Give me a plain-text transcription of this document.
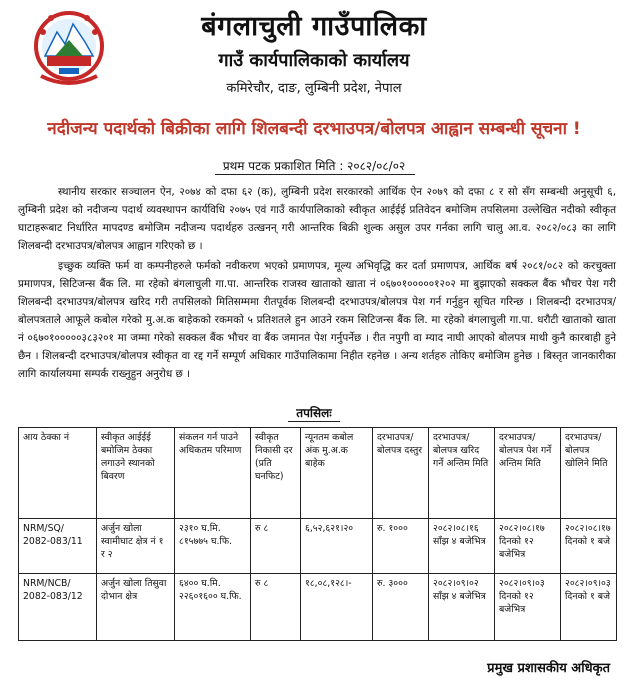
बंगलाचुली गाउँपालिका
गाउँ कार्यपालिकाको कार्यालय
कमिरेचौर, दाङ, लुम्बिनी प्रदेश, नेपाल
नदीजन्य पदार्थको बिक्रीका लागि शिलबन्दी दरभाउपत्र/बोलपत्र आह्वान सम्बन्धी सूचना !
प्रथम पटक प्रकाशित मिति : २०८२/०८/०२
स्थानीय सरकार सञ्चालन ऐन, २०७४ को दफा ६२ (क), लुम्बिनी प्रदेश सरकारको आर्थिक ऐन २०७९ को दफा ८ र सो सँग सम्बन्धी अनुसूची ६, लुम्बिनी प्रदेश को नदीजन्य पदार्थ व्यवस्थापन कार्यविधि २०७५ एवं गाउँ कार्यपालिकाको स्वीकृत आईईई प्रतिवेदन बमोजिम तपसिलमा उल्लेखित नदीको स्वीकृत घाटाहरूबाट निर्धारित मापदण्ड बमोजिम नदीजन्य पदार्थहरु उत्खनन् गरी आन्तरिक बिक्री शुल्क असुल उपर गर्नका लागि चालु आ.व. २०८२/०८३ का लागि शिलबन्दी दरभाउपत्र/बोलपत्र आह्वान गरिएको छ ।
इच्छुक व्यक्ति फर्म वा कम्पनीहरुले फर्मको नवीकरण भएको प्रमाणपत्र, मूल्य अभिवृद्धि कर दर्ता प्रमाणपत्र, आर्थिक बर्ष २०८१/०८२ को करचुक्ता प्रमाणपत्र, सिटिजन्स बैंक लि. मा रहेको बंगलाचुली गा.पा. आन्तरिक राजस्व खाताको खाता नं ०६७०१०००००१२०२ मा बुझाएको सक्कल बैंक भौचर पेश गरी शिलबन्दी दरभाउपत्र/बोलपत्र खरिद गरी तपसिलको मितिसम्ममा रीतपूर्वक शिलबन्दी दरभाउपत्र/बोलपत्र पेश गर्न गर्नुहुन सूचित गरिन्छ । शिलबन्दी दरभाउपत्र/बोलपत्रताले आफूले कबोल गरेको मु.अ.क बाहेकको रकमको ५ प्रतिशतले हुन आउने रकम सिटिजन्स बैंक लि. मा रहेको बंगलाचुली गा.पा. धरौटी खाताको खाता नं ०६७०१०००००३८३२०१ मा जम्मा गरेको सक्कल बैंक भौचर वा बैंक जमानत पेश गर्नुपर्नेछ । रीत नपुगी वा म्याद नाघी आएको बोलपत्र माथी कुनै कारबाही हुने छैन । शिलबन्दी दरभाउपत्र/बोलपत्र स्वीकृत वा रद्द गर्ने सम्पूर्ण अधिकार गाउँपालिकामा निहीत रहनेछ । अन्य शर्तहरु तोकिए बमोजिम हुनेछ । बिस्तृत जानकारीका लागि कार्यालयमा सम्पर्क राख्नुहुन अनुरोध छ ।
तपसिलः
आय ठेक्का नं	स्वीकृत आईईई बमोजिम ठेक्का लगाउने स्थानको बिवरण	संकलन गर्न पाउने अधिकतम परिमाण	स्वीकृत निकासी दर (प्रति घनफिट)	न्यूनतम कबोल अंक मु.अ.क बाहेक	दरभाउपत्र/बोलपत्र दस्तुर	दरभाउपत्र/बोलपत्र खरिद गर्ने अन्तिम मिति	दरभाउपत्र/बोलपत्र पेश गर्ने अन्तिम मिति	दरभाउपत्र/बोलपत्र खोलिने मिति
NRM/SQ/ 2082-083/11	अर्जुन खोला स्वामीघाट क्षेत्र नं १ र २	२३१० घ.मि. ८१५७७५ घ.फि.	रु ८	६,५२,६२१।२०	रु. १०००	२०८२।०८।१६ साँझ ४ बजेभित्र	२०८२।०८।१७ दिनको १२ बजेभित्र	२०८२।०८।१७ दिनको १ बजे
NRM/NCB/ 2082-083/12	अर्जुन खोला तिसुवा दोभान क्षेत्र	६४०० घ.मि. २२६०१६०० घ.फि.	रु ८	१८,०८,१२८।-	रु. ३०००	२०८२।०९।०२ साँझ ४ बजेभित्र	२०८२।०९।०३ दिनको १२ बजेभित्र	२०८२।०९।०३ दिनको १ बजे
प्रमुख प्रशासकीय अधिकृत
